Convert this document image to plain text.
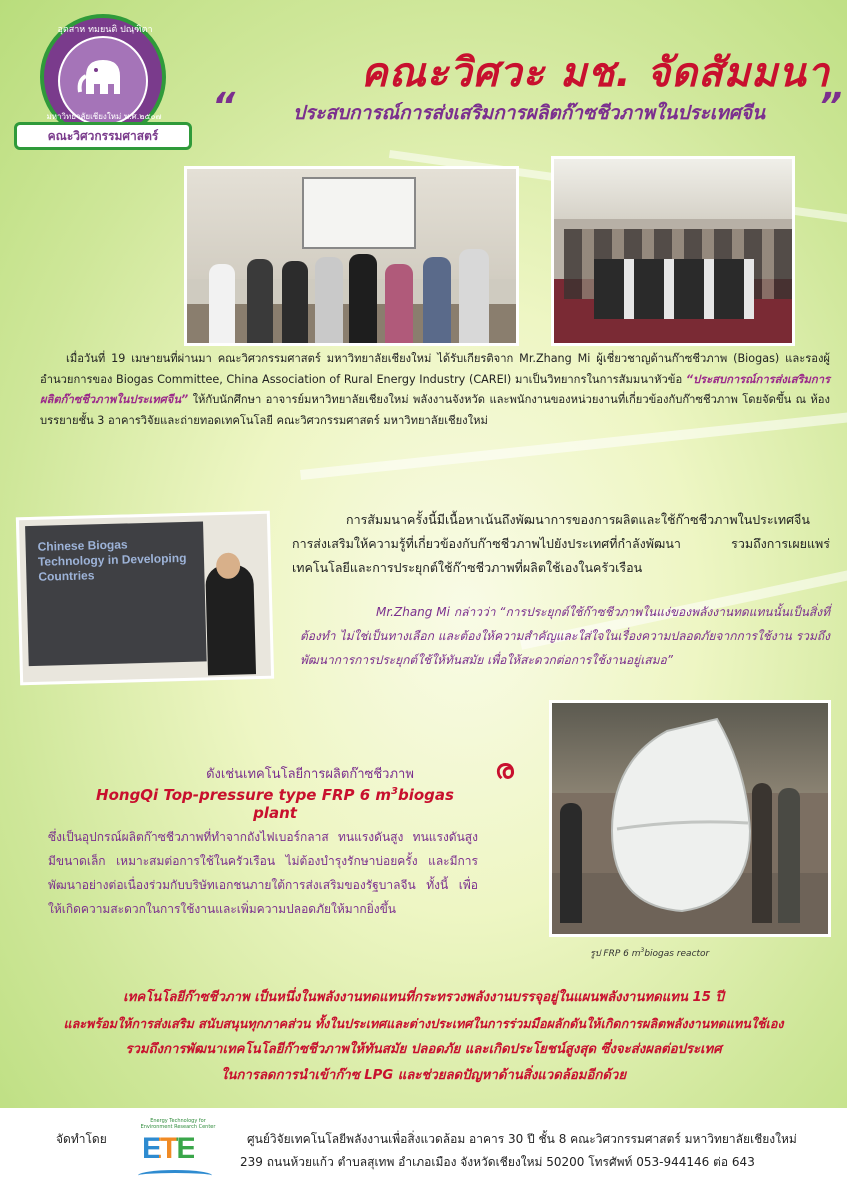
อุตสาห ทมยนติ ปณฺฑิตา
มหาวิทยาลัยเชียงใหม่ พ.ศ.๒๕๐๗
คณะวิศวกรรมศาสตร์
คณะวิศวะ มช. จัดสัมมนา
“	ประสบการณ์การส่งเสริมการผลิตก๊าซชีวภาพในประเทศจีน	”
เมื่อวันที่ 19 เมษายนที่ผ่านมา คณะวิศวกรรมศาสตร์ มหาวิทยาลัยเชียงใหม่ ได้รับเกียรติจาก Mr.Zhang Mi ผู้เชี่ยวชาญด้านก๊าซชีวภาพ (Biogas) และรองผู้อำนวยการของ Biogas Committee, China Association of Rural Energy Industry (CAREI) มาเป็นวิทยากรในการสัมมนาหัวข้อ “ประสบการณ์การส่งเสริมการผลิตก๊าซชีวภาพในประเทศจีน” ให้กับนักศึกษา อาจารย์มหาวิทยาลัยเชียงใหม่ พลังงานจังหวัด และพนักงานของหน่วยงานที่เกี่ยวข้องกับก๊าซชีวภาพ โดยจัดขึ้น ณ ห้องบรรยายชั้น 3 อาคารวิจัยและถ่ายทอดเทคโนโลยี คณะวิศวกรรมศาสตร์ มหาวิทยาลัยเชียงใหม่
Chinese Biogas Technology in Developing Countries
การสัมมนาครั้งนี้มีเนื้อหาเน้นถึงพัฒนาการของการผลิตและใช้ก๊าซชีวภาพในประเทศจีน การส่งเสริมให้ความรู้ที่เกี่ยวข้องกับก๊าซชีวภาพไปยังประเทศที่กำลังพัฒนา รวมถึงการเผยแพร่เทคโนโลยีและการประยุกต์ใช้ก๊าซชีวภาพที่ผลิตใช้เองในครัวเรือน
Mr.Zhang Mi กล่าวว่า “การประยุกต์ใช้ก๊าซชีวภาพในแง่ของพลังงานทดแทนนั้นเป็นสิ่งที่ต้องทำ ไม่ใช่เป็นทางเลือก และต้องให้ความสำคัญและใส่ใจในเรื่องความปลอดภัยจากการใช้งาน รวมถึงพัฒนาการการประยุกต์ใช้ให้ทันสมัย เพื่อให้สะดวกต่อการใช้งานอยู่เสมอ”
ดังเช่นเทคโนโลยีการผลิตก๊าซชีวภาพ
HongQi Top-pressure type FRP 6 $m^3biogas$ plant
ര
ซึ่งเป็นอุปกรณ์ผลิตก๊าซชีวภาพที่ทำจากถังไฟเบอร์กลาส ทนแรงดันสูง ทนแรงดันสูง มีขนาดเล็ก เหมาะสมต่อการใช้ในครัวเรือน ไม่ต้องบำรุงรักษาบ่อยครั้ง และมีการพัฒนาอย่างต่อเนื่องร่วมกับบริษัทเอกชนภายใต้การส่งเสริมของรัฐบาลจีน ทั้งนี้ เพื่อให้เกิดความสะดวกในการใช้งานและเพิ่มความปลอดภัยให้มากยิ่งขึ้น
รูป FRP 6 $m^3biogas$ reactor
เทคโนโลยีก๊าซชีวภาพ เป็นหนึ่งในพลังงานทดแทนที่กระทรวงพลังงานบรรจุอยู่ในแผนพลังงานทดแทน 15 ปี
และพร้อมให้การส่งเสริม สนับสนุนทุกภาคส่วน ทั้งในประเทศและต่างประเทศในการร่วมมือผลักดันให้เกิดการผลิตพลังงานทดแทนใช้เอง
รวมถึงการพัฒนาเทคโนโลยีก๊าซชีวภาพให้ทันสมัย ปลอดภัย และเกิดประโยชน์สูงสุด ซึ่งจะส่งผลต่อประเทศ
ในการลดการนำเข้าก๊าซ LPG และช่วยลดปัญหาด้านสิ่งแวดล้อมอีกด้วย
จัดทำโดย
Energy Technology for Environment Research Center
ETE	ศูนย์วิจัยเทคโนโลยีพลังงานเพื่อสิ่งแวดล้อม อาคาร 30 ปี ชั้น 8 คณะวิศวกรรมศาสตร์ มหาวิทยาลัยเชียงใหม่
239 ถนนห้วยแก้ว ตำบลสุเทพ อำเภอเมือง จังหวัดเชียงใหม่ 50200 โทรศัพท์ 053-944146 ต่อ 643
